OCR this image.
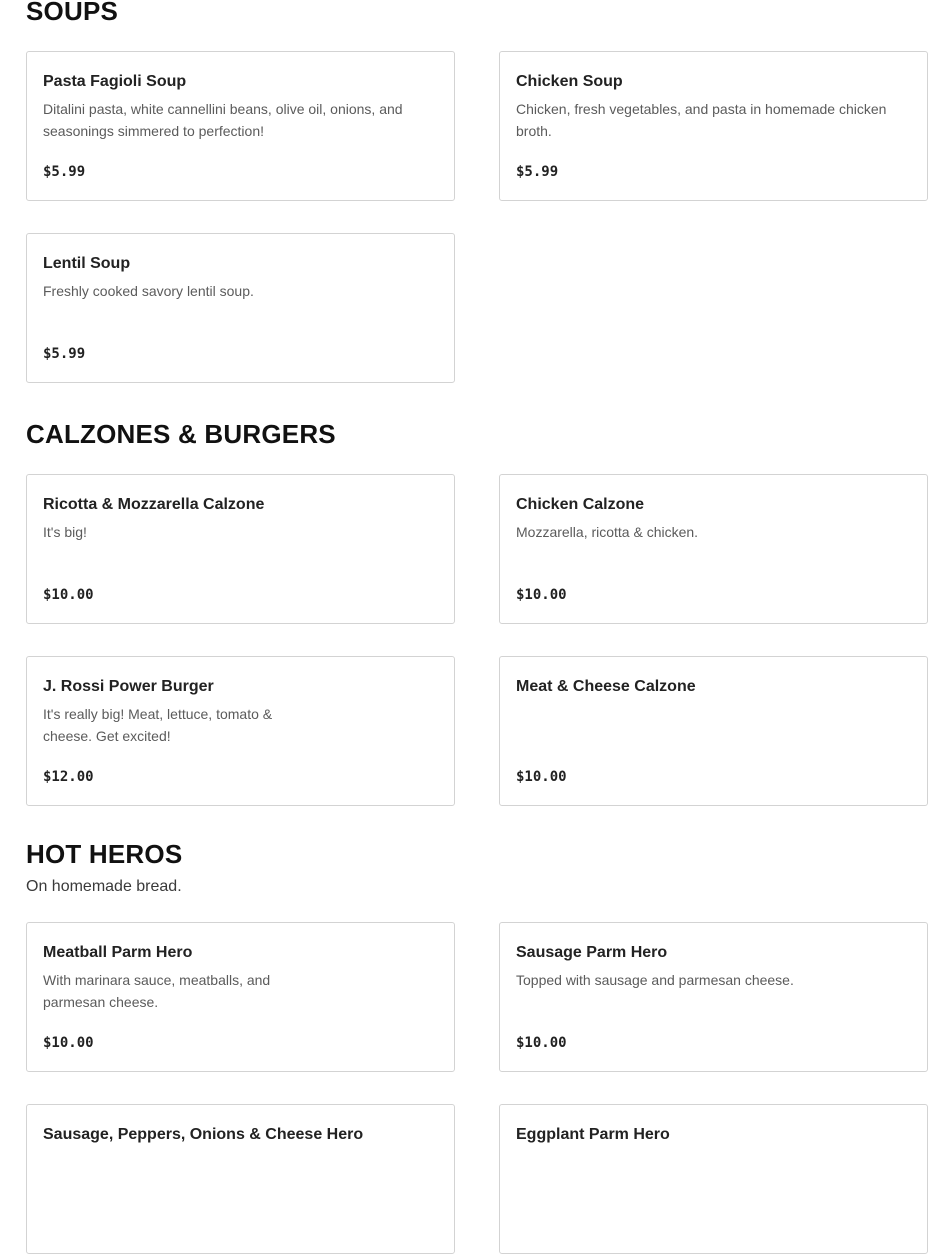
SOUPS
Pasta Fagioli Soup
Ditalini pasta, white cannellini beans, olive oil, onions, and seasonings simmered to perfection!
$5.99
Chicken Soup
Chicken, fresh vegetables, and pasta in homemade chicken broth.
$5.99
Lentil Soup
Freshly cooked savory lentil soup.
$5.99
CALZONES & BURGERS
Ricotta & Mozzarella Calzone
It's big!
$10.00
Chicken Calzone
Mozzarella, ricotta & chicken.
$10.00
J. Rossi Power Burger
It's really big! Meat, lettuce, tomato & cheese. Get excited!
$12.00
Meat & Cheese Calzone
$10.00
HOT HEROS
On homemade bread.
Meatball Parm Hero
With marinara sauce, meatballs, and parmesan cheese.
$10.00
Sausage Parm Hero
Topped with sausage and parmesan cheese.
$10.00
Sausage, Peppers, Onions & Cheese Hero	Eggplant Parm Hero
